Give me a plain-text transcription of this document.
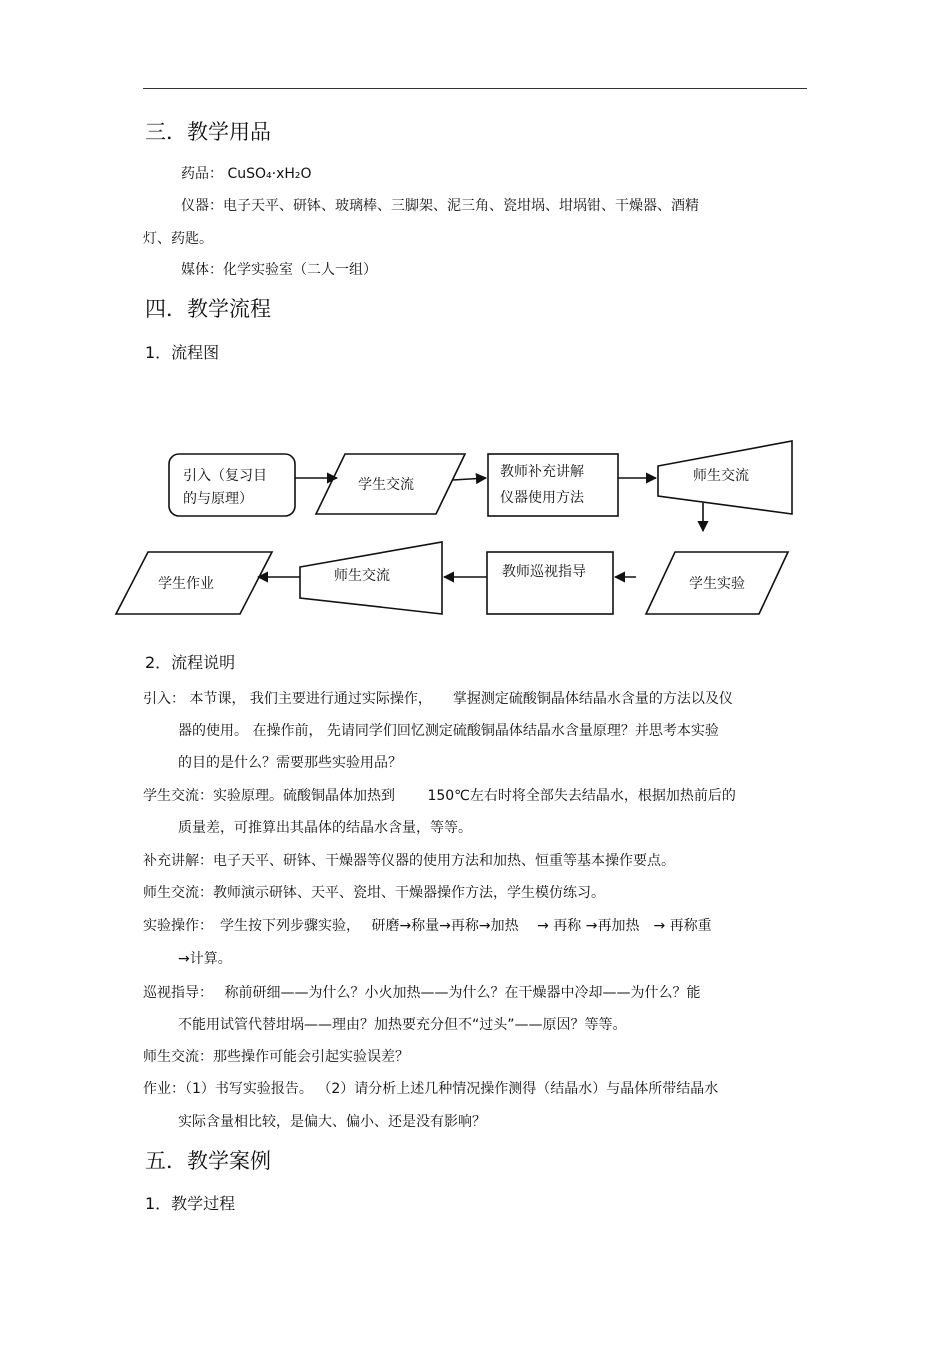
三．教学用品
药品： CuSO₄·xH₂O
仪器：电子天平、研钵、玻璃棒、三脚架、泥三角、瓷坩埚、坩埚钳、干燥器、酒精
灯、药匙。
媒体：化学实验室（二人一组）
四．教学流程
1．流程图
引入（复习目
的与原理）
学生交流
教师补充讲解
仪器使用方法
师生交流
学生实验
教师巡视指导
师生交流
学生作业
2．流程说明
引入： 本节课， 我们主要进行通过实际操作，　　掌握测定硫酸铜晶体结晶水含量的方法以及仪
器的使用。 在操作前， 先请同学们回忆测定硫酸铜晶体结晶水含量原理？并思考本实验
的目的是什么？需要那些实验用品？
学生交流：实验原理。硫酸铜晶体加热到　　 150℃左右时将全部失去结晶水，根据加热前后的
质量差，可推算出其晶体的结晶水含量，等等。
补充讲解：电子天平、研钵、干燥器等仪器的使用方法和加热、恒重等基本操作要点。
师生交流：教师演示研钵、天平、瓷坩、干燥器操作方法，学生模仿练习。
实验操作：　学生按下列步骤实验，　 研磨→称量→再称→加热　 → 再称 →再加热　→ 再称重
→计算。
巡视指导：　 称前研细——为什么？小火加热——为什么？在干燥器中冷却——为什么？能
不能用试管代替坩埚——理由？加热要充分但不“过头”——原因？等等。
师生交流：那些操作可能会引起实验误差？
作业：（1）书写实验报告。 （2）请分析上述几种情况操作测得（结晶水）与晶体所带结晶水
实际含量相比较，是偏大、偏小、还是没有影响？
五．教学案例
1．教学过程
